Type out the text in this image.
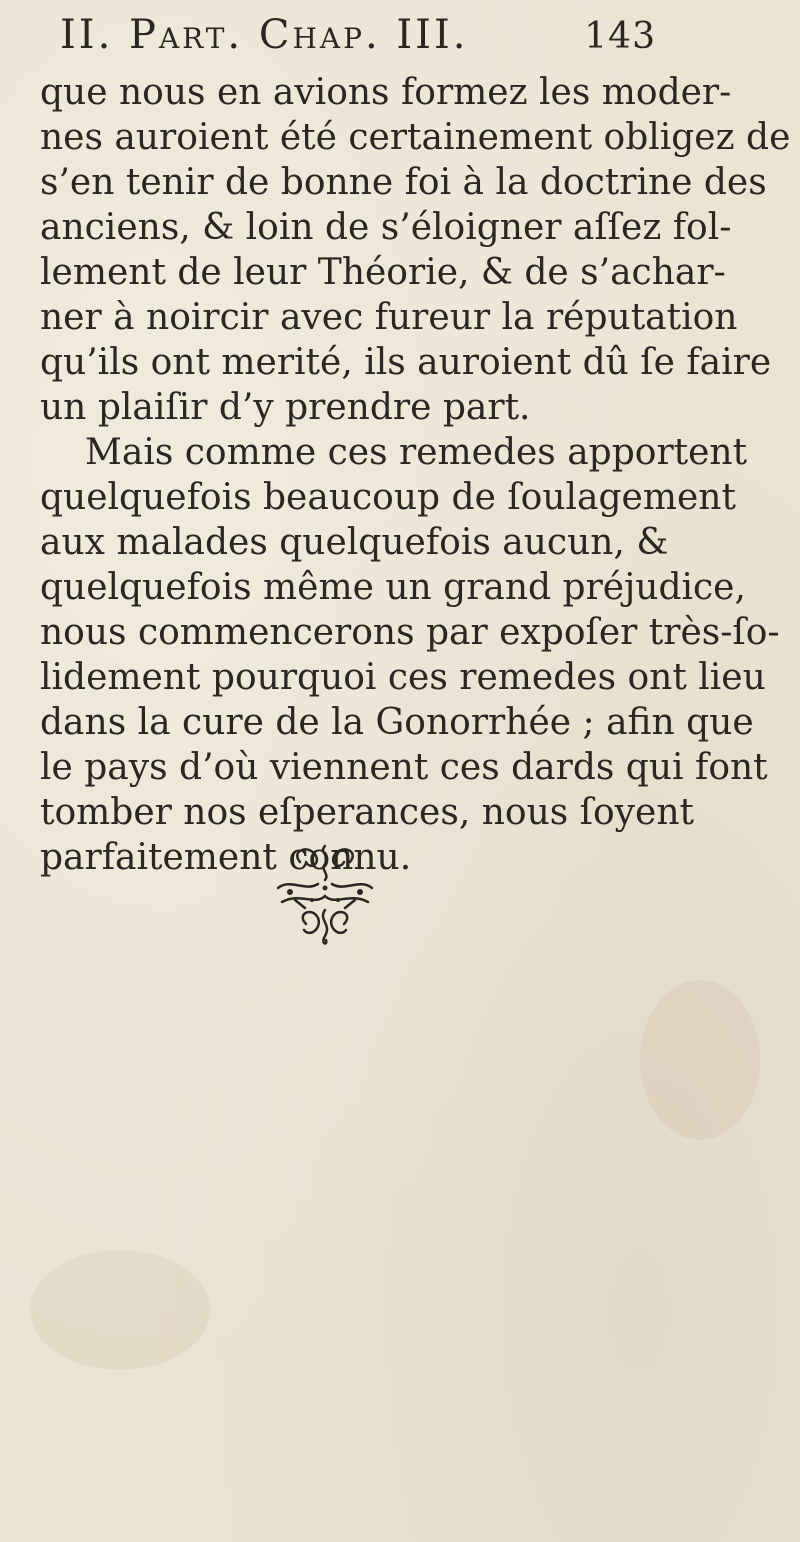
II. Part. Chap. III.	143
que nous en avions formez les moder-
nes auroient été certainement obligez de
s’en tenir de bonne foi à la doctrine des
anciens, & loin de s’éloigner aſſez fol-
lement de leur Théorie, & de s’achar-
ner à noircir avec fureur la réputation
qu’ils ont merité, ils auroient dû ſe faire
un plaiſir d’y prendre part.
Mais comme ces remedes apportent
quelquefois beaucoup de ſoulagement
aux malades quelquefois aucun, &
quelquefois même un grand préjudice,
nous commencerons par expoſer très-ſo-
lidement pourquoi ces remedes ont lieu
dans la cure de la Gonorrhée ; afin que
le pays d’où viennent ces dards qui font
tomber nos eſperances, nous ſoyent
parfaitement connu.
